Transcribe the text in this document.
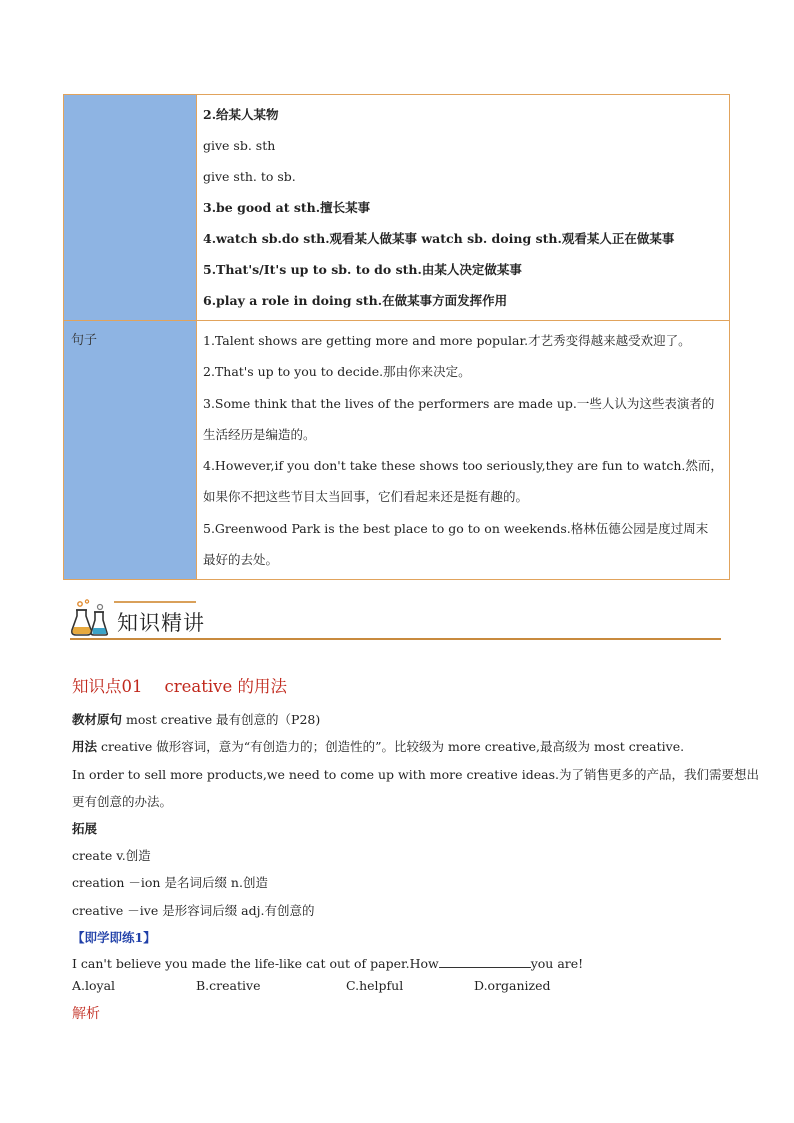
2.给某人某物
give sb. sth
give sth. to sb.
3.be good at sth.擅长某事
4.watch sb.do sth.观看某人做某事 watch sb. doing sth.观看某人正在做某事
5.That's/It's up to sb. to do sth.由某人决定做某事
6.play a role in doing sth.在做某事方面发挥作用
句子	1.Talent shows are getting more and more popular.才艺秀变得越来越受欢迎了。
2.That's up to you to decide.那由你来决定。
3.Some think that the lives of the performers are made up.一些人认为这些表演者的
生活经历是编造的。
4.However,if you don't take these shows too seriously,they are fun to watch.然而，
如果你不把这些节目太当回事，它们看起来还是挺有趣的。
5.Greenwood Park is the best place to go to on weekends.格林伍德公园是度过周末
最好的去处。
知识精讲
知识点01 creative 的用法
教材原句 most creative 最有创意的（P28)
用法 creative 做形容词，意为“有创造力的；创造性的”。比较级为 more creative,最高级为 most creative.
In order to sell more products,we need to come up with more creative ideas.为了销售更多的产品，我们需要想出
更有创意的办法。
拓展
create v.创造
creation －ion 是名词后缀 n.创造
creative －ive 是形容词后缀 adj.有创意的
【即学即练1】
I can't believe you made the life-like cat out of paper.How	you are!
A.loyal	B.creative	C.helpful	D.organized
解析
